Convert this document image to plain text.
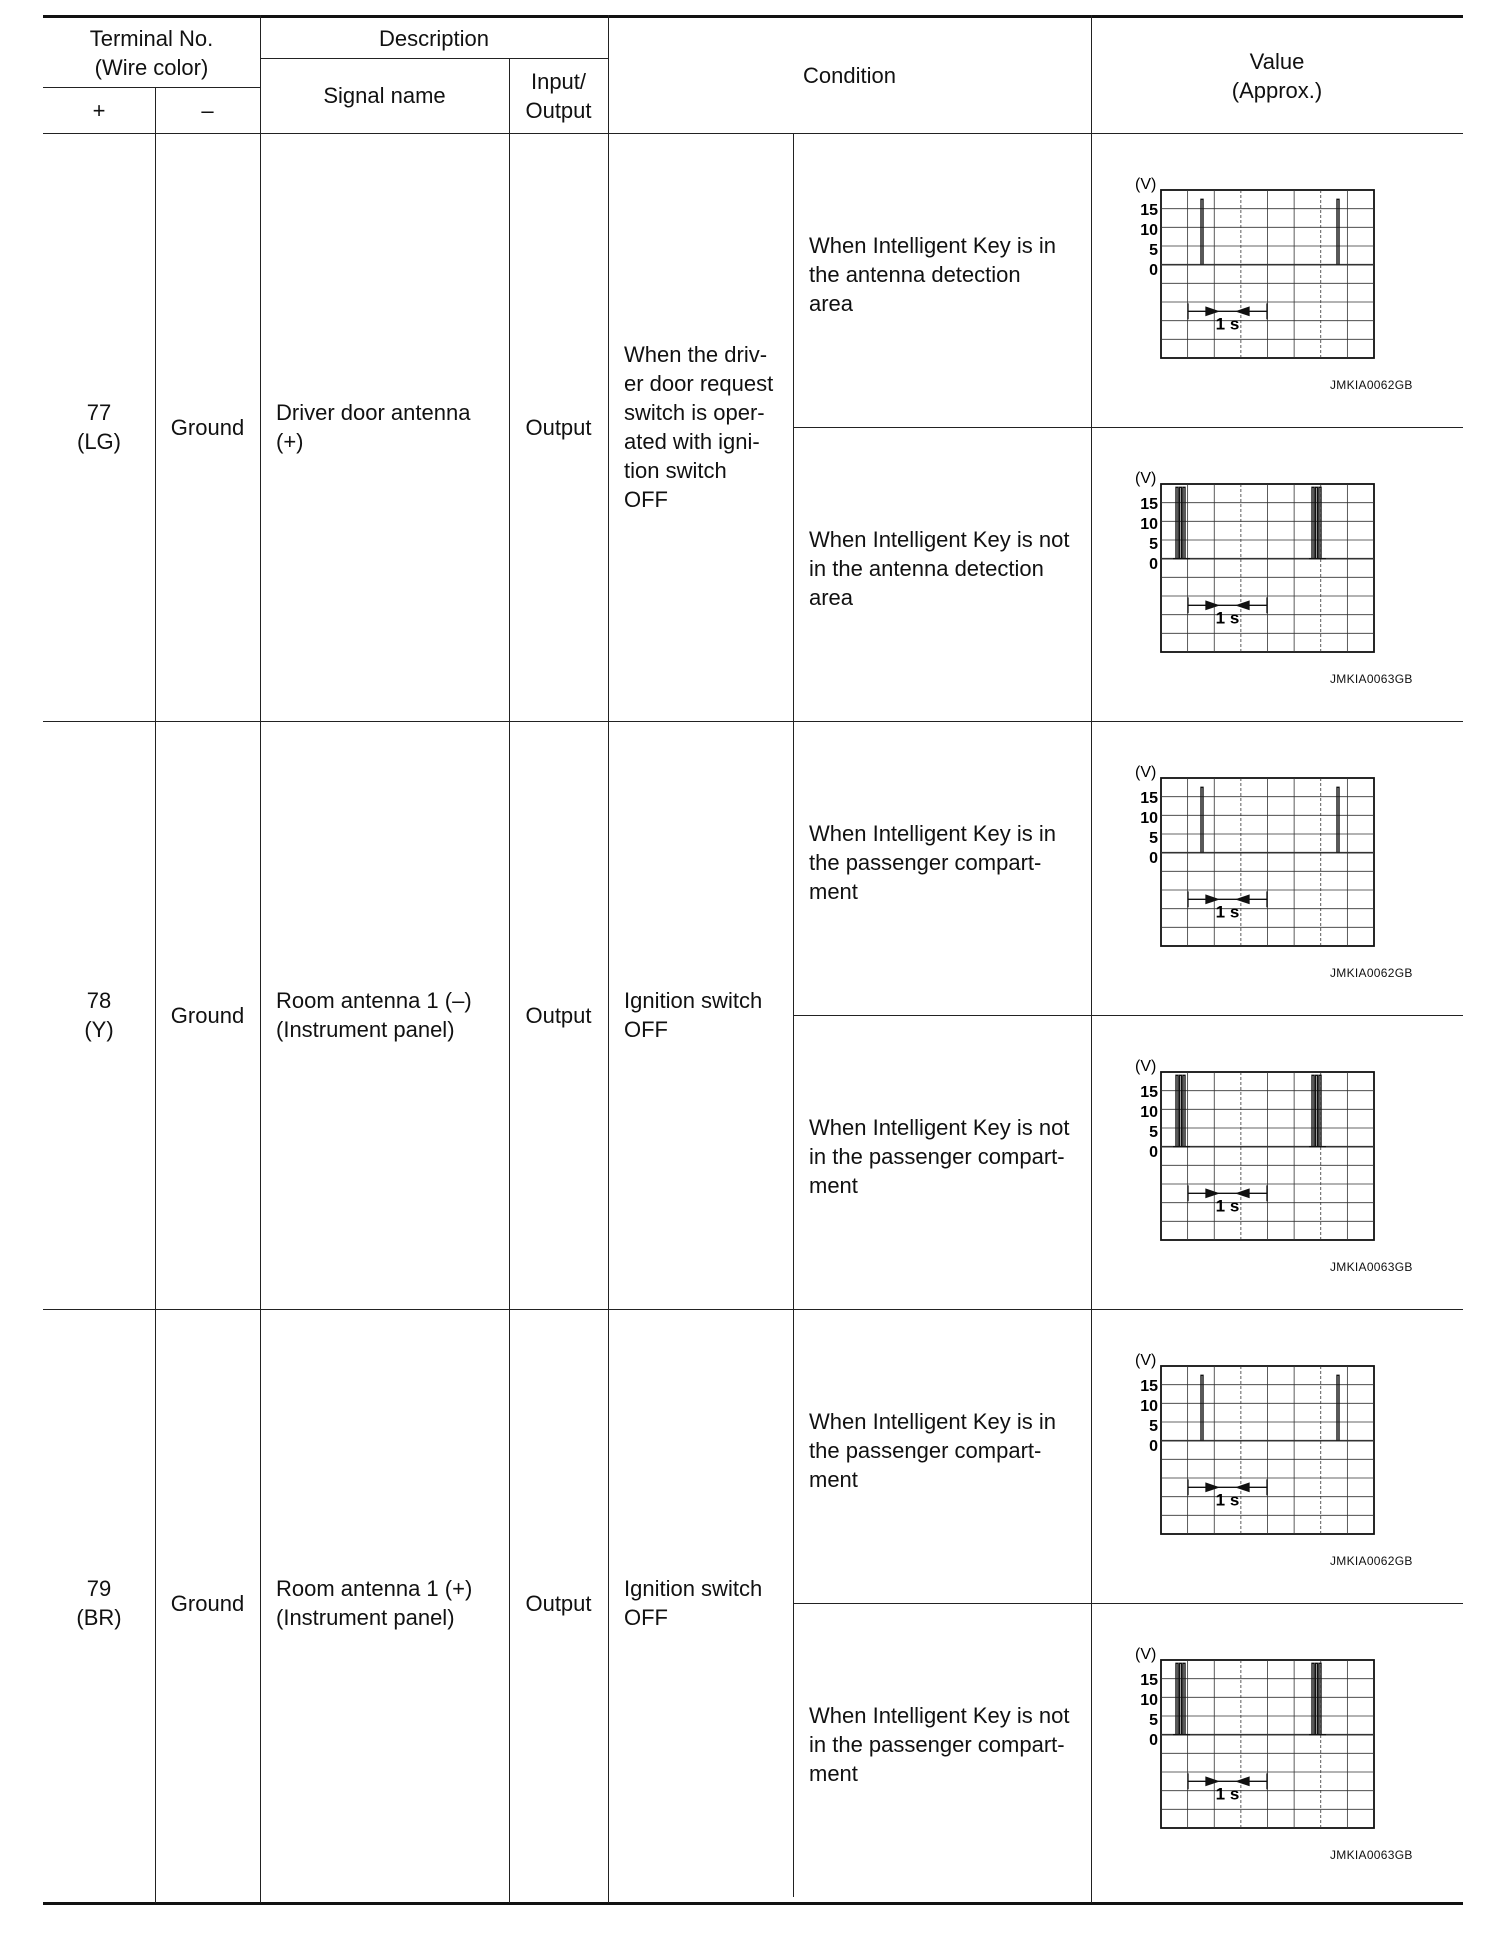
Terminal No.
(Wire color)
+	–
Description
Signal name
Input/
Output
Condition
Value
(Approx.)
77
(LG)
Ground
Driver door antenna
(+)
Output
When the driv-
er door request
switch is oper-
ated with igni-
tion switch
OFF
When Intelligent Key is in
the antenna detection
area
(V)
15
10
5
0
1 s
JMKIA0062GB
When Intelligent Key is not
in the antenna detection
area
(V)
15
10
5
0
1 s
JMKIA0063GB
78
(Y)
Ground
Room antenna 1 (–)
(Instrument panel)
Output
Ignition switch
OFF
When Intelligent Key is in
the passenger compart-
ment
(V)
15
10
5
0
1 s
JMKIA0062GB
When Intelligent Key is not
in the passenger compart-
ment
(V)
15
10
5
0
1 s
JMKIA0063GB
79
(BR)
Ground
Room antenna 1 (+)
(Instrument panel)
Output
Ignition switch
OFF
When Intelligent Key is in
the passenger compart-
ment
(V)
15
10
5
0
1 s
JMKIA0062GB
When Intelligent Key is not
in the passenger compart-
ment
(V)
15
10
5
0
1 s
JMKIA0063GB
